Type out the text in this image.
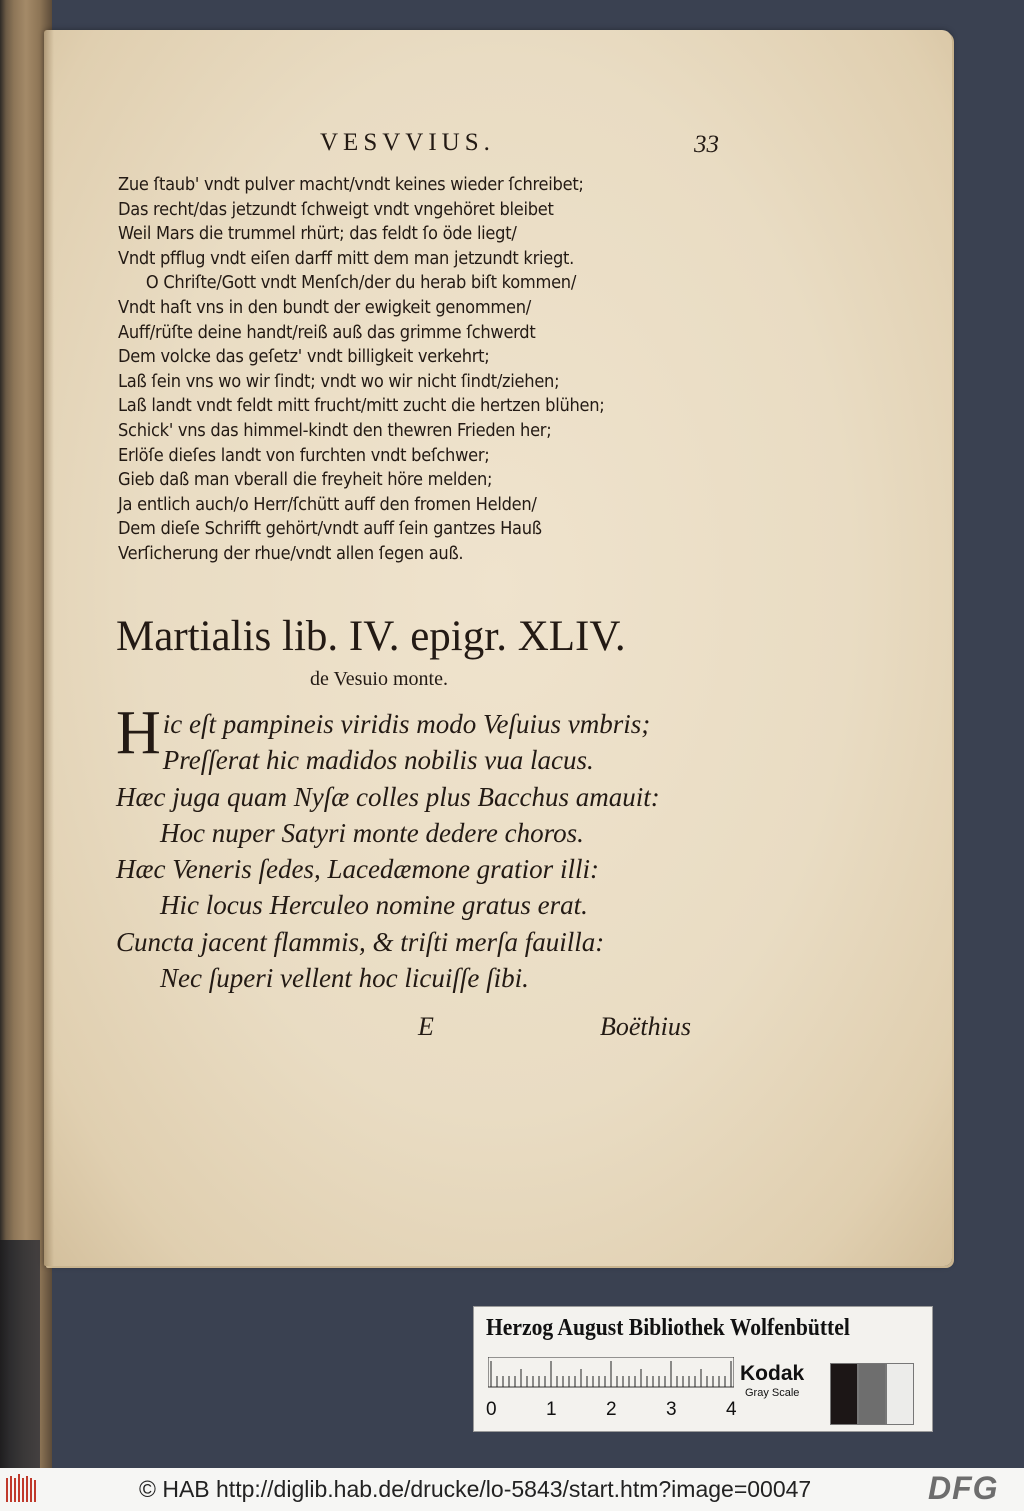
VESVVIUS.	33
Zue ſtaub' vndt pulver macht/vndt keines wieder ſchreibet;
Das recht/das jetzundt ſchweigt vndt vngehöret bleibet
Weil Mars die trummel rhürt; das feldt ſo öde liegt/
Vndt pfflug vndt eiſen darff mitt dem man jetzundt kriegt.
O Chriſte/Gott vndt Menſch/der du herab biſt kommen/
Vndt haſt vns in den bundt der ewigkeit genommen/
Auff/rüſte deine handt/reiß auß das grimme ſchwerdt
Dem volcke das geſetz' vndt billigkeit verkehrt;
Laß ſein vns wo wir ſindt; vndt wo wir nicht ſindt/ziehen;
Laß landt vndt feldt mitt frucht/mitt zucht die hertzen blühen;
Schick' vns das himmel-kindt den thewren Frieden her;
Erlöſe dieſes landt von furchten vndt beſchwer;
Gieb daß man vberall die freyheit höre melden;
Ja entlich auch/o Herr/ſchütt auff den fromen Helden/
Dem dieſe Schrifft gehört/vndt auff ſein gantzes Hauß
Verſicherung der rhue/vndt allen ſegen auß.
Martialis lib. IV. epigr. XLIV.
de Vesuio monte.
Hic eſt pampineis viridis modo Veſuius vmbris;
Preſſerat hic madidos nobilis vua lacus.
Hæc juga quam Nyſæ colles plus Bacchus amauit:
Hoc nuper Satyri monte dedere choros.
Hæc Veneris ſedes, Lacedæmone gratior illi:
Hic locus Herculeo nomine gratus erat.
Cuncta jacent flammis, & triſti merſa fauilla:
Nec ſuperi vellent hoc licuiſſe ſibi.
E	Boëthius
Herzog August Bibliothek Wolfenbüttel
0	1	2	3	4
Kodak
Gray Scale
© HAB http://diglib.hab.de/drucke/lo-5843/start.htm?image=00047	DFG
